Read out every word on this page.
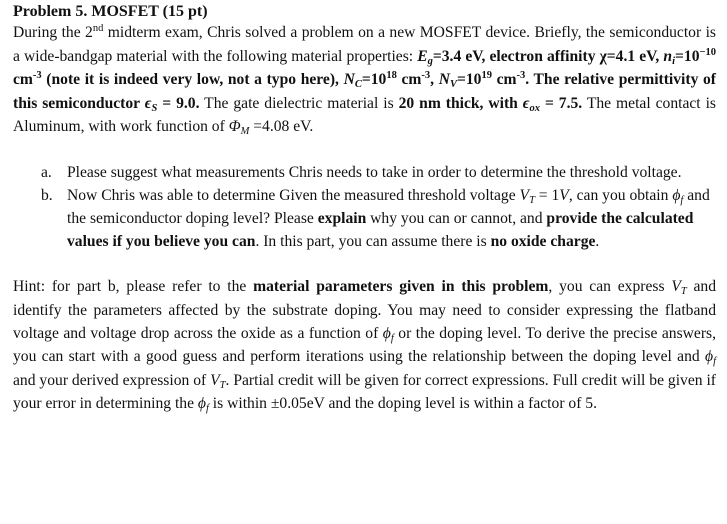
Problem 5. MOSFET (15 pt)

During the 2nd midterm exam, Chris solved a problem on a new MOSFET device. Briefly, the semiconductor is a wide-bandgap material with the following material properties: $E_g=3.4$ eV, electron affinity χ=4.1 eV, $n_i=10^{-10}$ $cm^{-3}$ (note it is indeed very low, not a typo here), $N_C=10^{18}$ $cm^{-3}$, $N_V=10^{19}$ $cm^{-3}$. The relative permittivity of this semiconductor $\epsilon_S = 9.0$. The gate dielectric material is 20 nm thick, with $\epsilon_{ox} = 7.5$. The metal contact is Aluminum, with work function of $\Phi_M =4.08$ eV.

a. Please suggest what measurements Chris needs to take in order to determine the threshold voltage.
b. Now Chris was able to determine Given the measured threshold voltage $V_T = 1V$, can you obtain $\phi_f$ and the semiconductor doping level? Please explain why you can or cannot, and provide the calculated values if you believe you can. In this part, you can assume there is no oxide charge.

Hint: for part b, please refer to the material parameters given in this problem, you can express $V_T$ and identify the parameters affected by the substrate doping. You may need to consider expressing the flatband voltage and voltage drop across the oxide as a function of $\phi_f$ or the doping level. To derive the precise answers, you can start with a good guess and perform iterations using the relationship between the doping level and $\phi_f$ and your derived expression of $V_T$. Partial credit will be given for correct expressions. Full credit will be given if your error in determining the $\phi_f$ is within ±0.05eV and the doping level is within a factor of 5.
